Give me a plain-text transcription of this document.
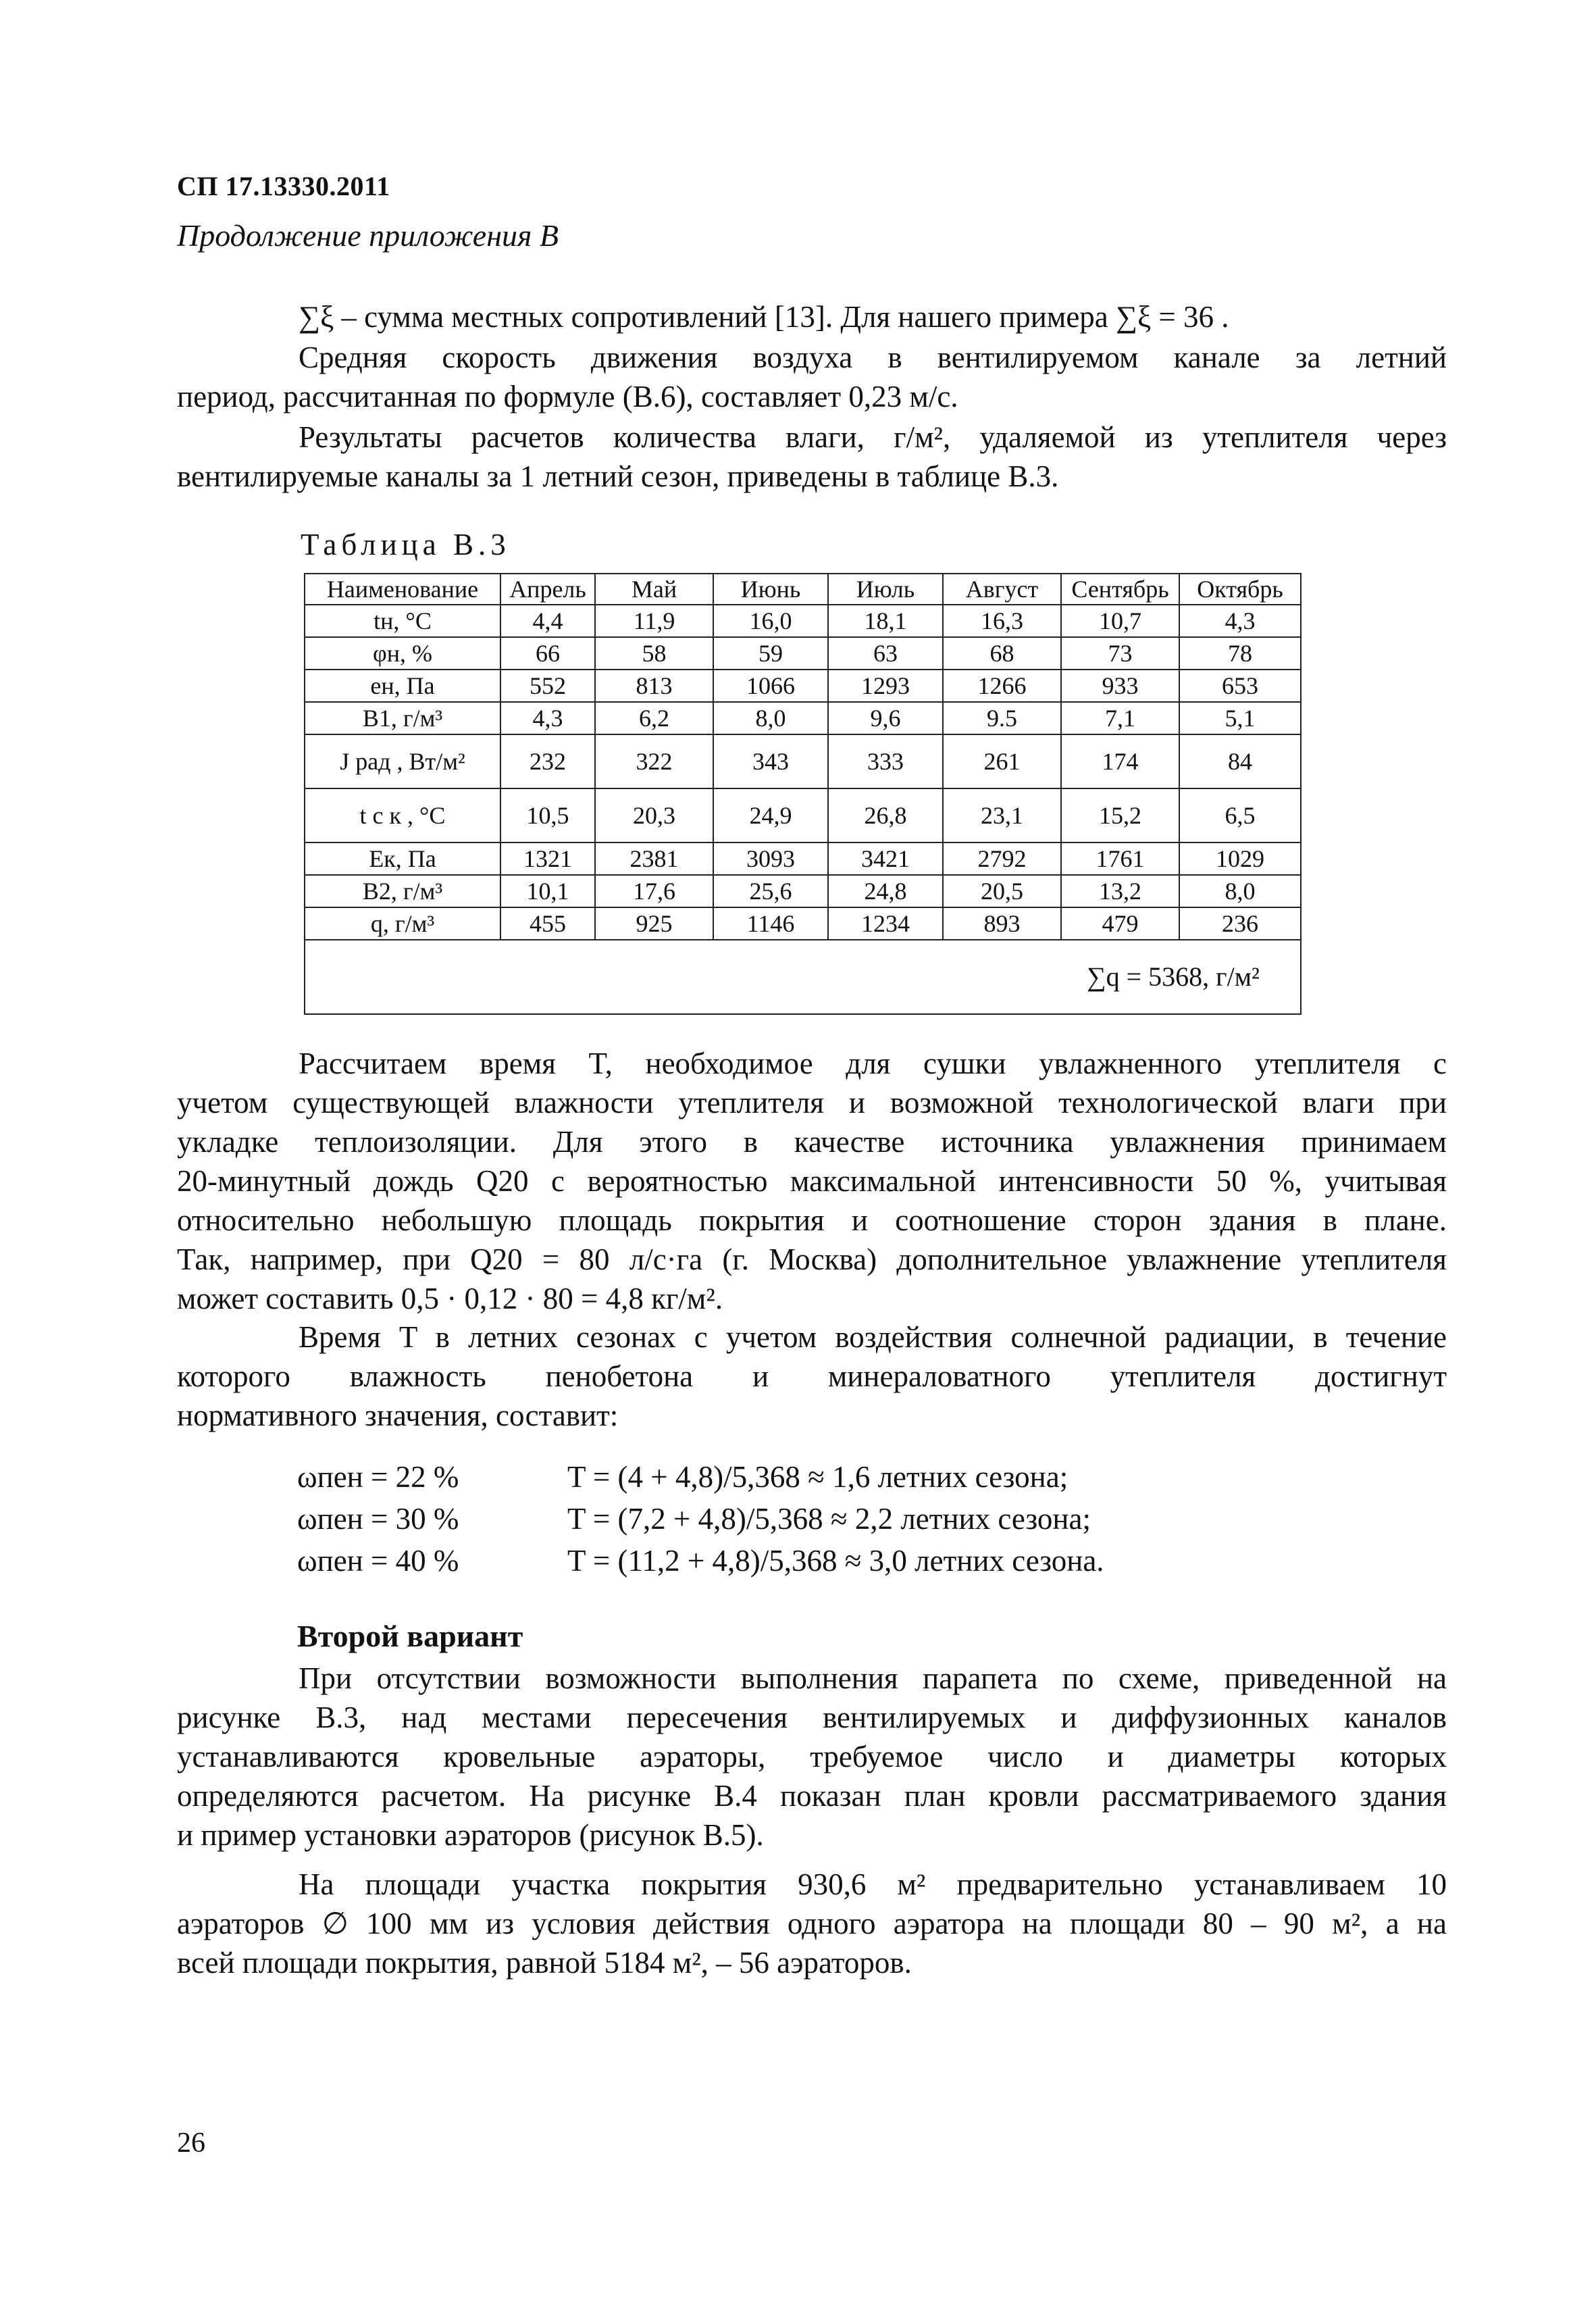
СП 17.13330.2011
Продолжение приложения В
∑ξ – сумма местных сопротивлений [13]. Для нашего примера ∑ξ = 36 .
Средняя скорость движения воздуха в вентилируемом канале за летний
период, рассчитанная по формуле (В.6), составляет 0,23 м/с.
Результаты расчетов количества влаги, г/м², удаляемой из утеплителя через
вентилируемые каналы за 1 летний сезон, приведены в таблице В.3.
Таблица В.3
Наименование	Апрель	Май	Июнь	Июль	Август	Сентябрь	Октябрь
tн, °С	4,4	11,9	16,0	18,1	16,3	10,7	4,3
φн, %	66	58	59	63	68	73	78
eн, Па	552	813	1066	1293	1266	933	653
B1, г/м³	4,3	6,2	8,0	9,6	9.5	7,1	5,1
J рад , Вт/м²	232	322	343	333	261	174	84
t с к , °С	10,5	20,3	24,9	26,8	23,1	15,2	6,5
Eк, Па	1321	2381	3093	3421	2792	1761	1029
B2, г/м³	10,1	17,6	25,6	24,8	20,5	13,2	8,0
q, г/м³	455	925	1146	1234	893	479	236
∑q = 5368, г/м²							
Рассчитаем время T, необходимое для сушки увлажненного утеплителя с
учетом существующей влажности утеплителя и возможной технологической влаги при
укладке теплоизоляции. Для этого в качестве источника увлажнения принимаем
20-минутный дождь Q20 с вероятностью максимальной интенсивности 50 %, учитывая
относительно небольшую площадь покрытия и соотношение сторон здания в плане.
Так, например, при Q20 = 80 л/с·га (г. Москва) дополнительное увлажнение утеплителя
может составить 0,5 · 0,12 · 80 = 4,8 кг/м².
Время T в летних сезонах с учетом воздействия солнечной радиации, в течение
которого влажность пенобетона и минераловатного утеплителя достигнут
нормативного значения, составит:
ωпен = 22 %	T = (4 + 4,8)/5,368 ≈ 1,6 летних сезона;
ωпен = 30 %	T = (7,2 + 4,8)/5,368 ≈ 2,2 летних сезона;
ωпен = 40 %	T = (11,2 + 4,8)/5,368 ≈ 3,0 летних сезона.
Второй вариант
При отсутствии возможности выполнения парапета по схеме, приведенной на
рисунке В.3, над местами пересечения вентилируемых и диффузионных каналов
устанавливаются кровельные аэраторы, требуемое число и диаметры которых
определяются расчетом. На рисунке В.4 показан план кровли рассматриваемого здания
и пример установки аэраторов (рисунок В.5).
На площади участка покрытия 930,6 м² предварительно устанавливаем 10
аэраторов ∅ 100 мм из условия действия одного аэратора на площади 80 – 90 м², а на
всей площади покрытия, равной 5184 м², – 56 аэраторов.
26
